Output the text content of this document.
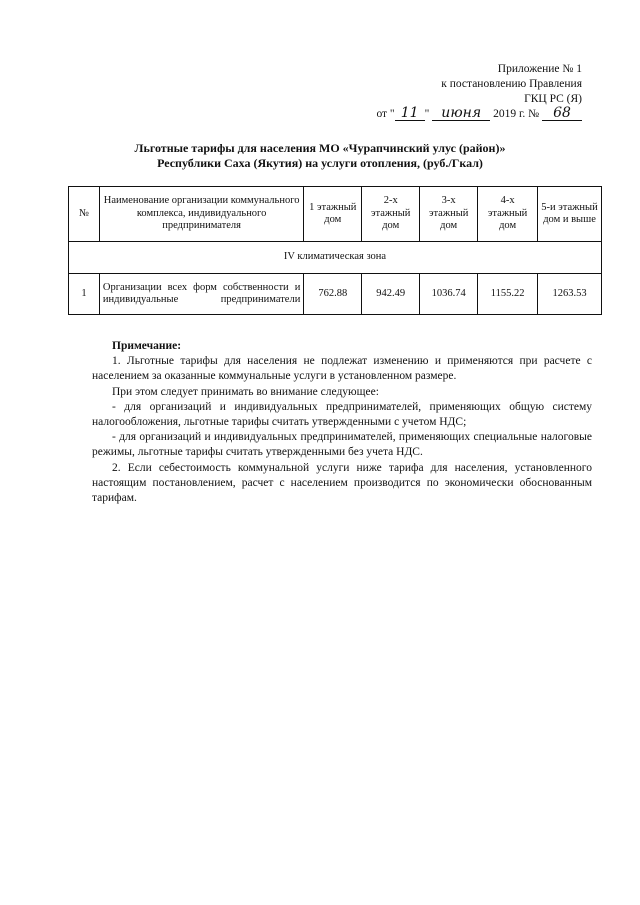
Приложение № 1
к постановлению Правления
ГКЦ РС (Я)
от " 11 " июня 2019 г. № 68
Льготные тарифы для населения МО «Чурапчинский улус (район)»
Республики Саха (Якутия) на услуги отопления, (руб./Гкал)
№	Наименование организации коммунального комплекса, индивидуального предпринимателя	1 этажный дом	2-х этажный дом	3-х этажный дом	4-х этажный дом	5-и этажный дом и выше
IV климатическая зона						
1	Организации всех форм собственности и индивидуальные предприниматели	762.88	942.49	1036.74	1155.22	1263.53
Примечание:

1. Льготные тарифы для населения не подлежат изменению и применяются при расчете с населением за оказанные коммунальные услуги в установленном размере.

При этом следует принимать во внимание следующее:

- для организаций и индивидуальных предпринимателей, применяющих общую систему налогообложения, льготные тарифы считать утвержденными с учетом НДС;

- для организаций и индивидуальных предпринимателей, применяющих специальные налоговые режимы, льготные тарифы считать утвержденными без учета НДС.

2. Если себестоимость коммунальной услуги ниже тарифа для населения, установленного настоящим постановлением, расчет с населением производится по экономически обоснованным тарифам.
